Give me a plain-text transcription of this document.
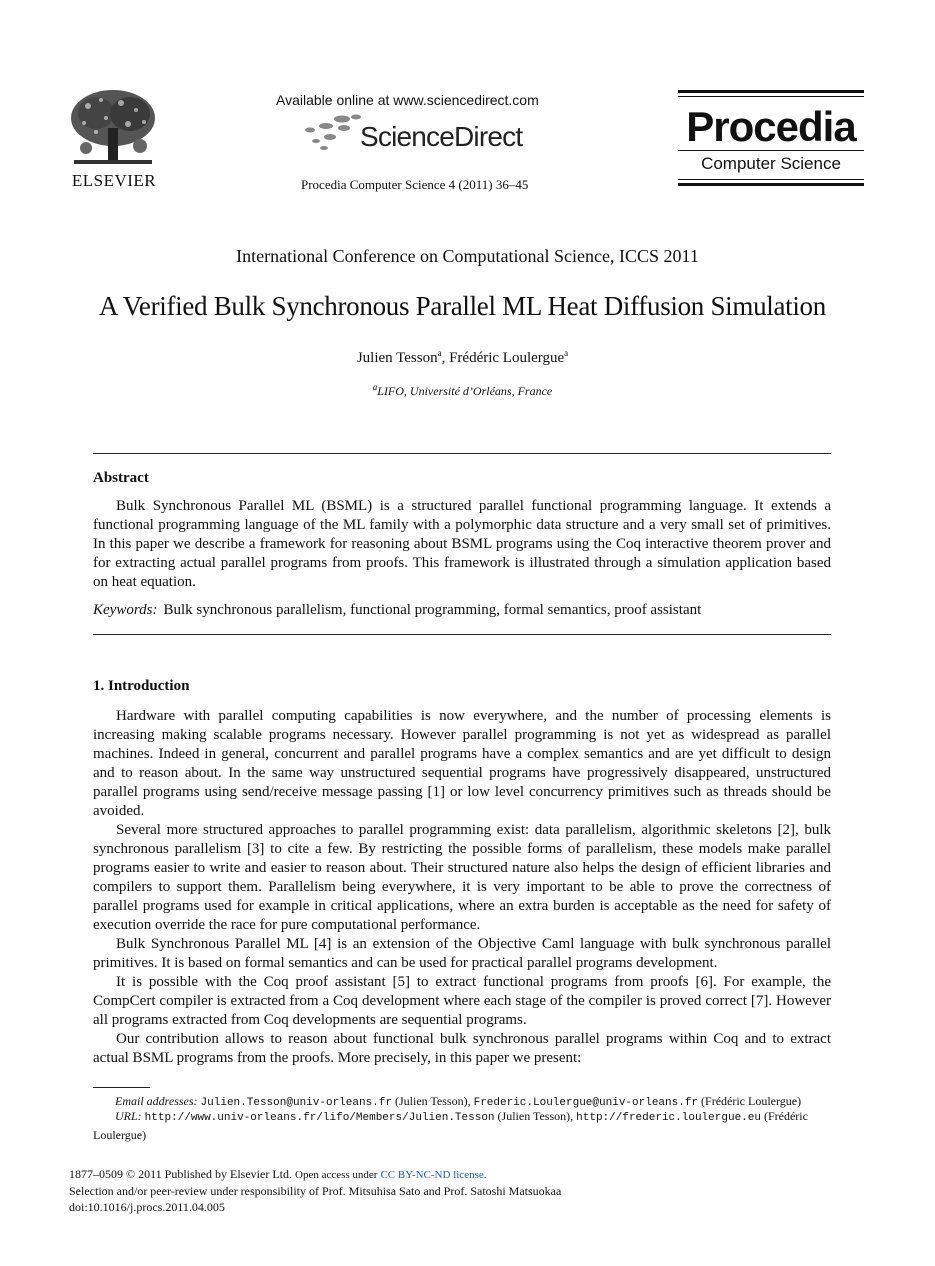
ELSEVIER
Available online at www.sciencedirect.com
ScienceDirect
Procedia Computer Science 4 (2011) 36–45
Procedia
Computer Science
International Conference on Computational Science, ICCS 2011
A Verified Bulk Synchronous Parallel ML Heat Diffusion Simulation
Julien Tesson$^a$, Frédéric Loulergue$^a$
$^a$LIFO, Université d’Orléans, France
Abstract
Bulk Synchronous Parallel ML (BSML) is a structured parallel functional programming language. It extends a functional programming language of the ML family with a polymorphic data structure and a very small set of primitives. In this paper we describe a framework for reasoning about BSML programs using the Coq interactive theorem prover and for extracting actual parallel programs from proofs. This framework is illustrated through a simulation application based on heat equation.
Keywords: Bulk synchronous parallelism, functional programming, formal semantics, proof assistant
1. Introduction
Hardware with parallel computing capabilities is now everywhere, and the number of processing elements is increasing making scalable programs necessary. However parallel programming is not yet as widespread as parallel machines. Indeed in general, concurrent and parallel programs have a complex semantics and are yet difficult to design and to reason about. In the same way unstructured sequential programs have progressively disappeared, unstructured parallel programs using send/receive message passing [1] or low level concurrency primitives such as threads should be avoided.
Several more structured approaches to parallel programming exist: data parallelism, algorithmic skeletons [2], bulk synchronous parallelism [3] to cite a few. By restricting the possible forms of parallelism, these models make parallel programs easier to write and easier to reason about. Their structured nature also helps the design of efficient libraries and compilers to support them. Parallelism being everywhere, it is very important to be able to prove the correctness of parallel programs used for example in critical applications, where an extra burden is acceptable as the need for safety of execution override the race for pure computational performance.
Bulk Synchronous Parallel ML [4] is an extension of the Objective Caml language with bulk synchronous parallel primitives. It is based on formal semantics and can be used for practical parallel programs development.
It is possible with the Coq proof assistant [5] to extract functional programs from proofs [6]. For example, the CompCert compiler is extracted from a Coq development where each stage of the compiler is proved correct [7]. However all programs extracted from Coq developments are sequential programs.
Our contribution allows to reason about functional bulk synchronous parallel programs within Coq and to extract actual BSML programs from the proofs. More precisely, in this paper we present:
Email addresses: Julien.Tesson@univ-orleans.fr (Julien Tesson), Frederic.Loulergue@univ-orleans.fr (Frédéric Loulergue)
URL: http://www.univ-orleans.fr/lifo/Members/Julien.Tesson (Julien Tesson), http://frederic.loulergue.eu (Frédéric Loulergue)
1877–0509 © 2011 Published by Elsevier Ltd. Open access under CC BY-NC-ND license.
Selection and/or peer-review under responsibility of Prof. Mitsuhisa Sato and Prof. Satoshi Matsuokaa
doi:10.1016/j.procs.2011.04.005
